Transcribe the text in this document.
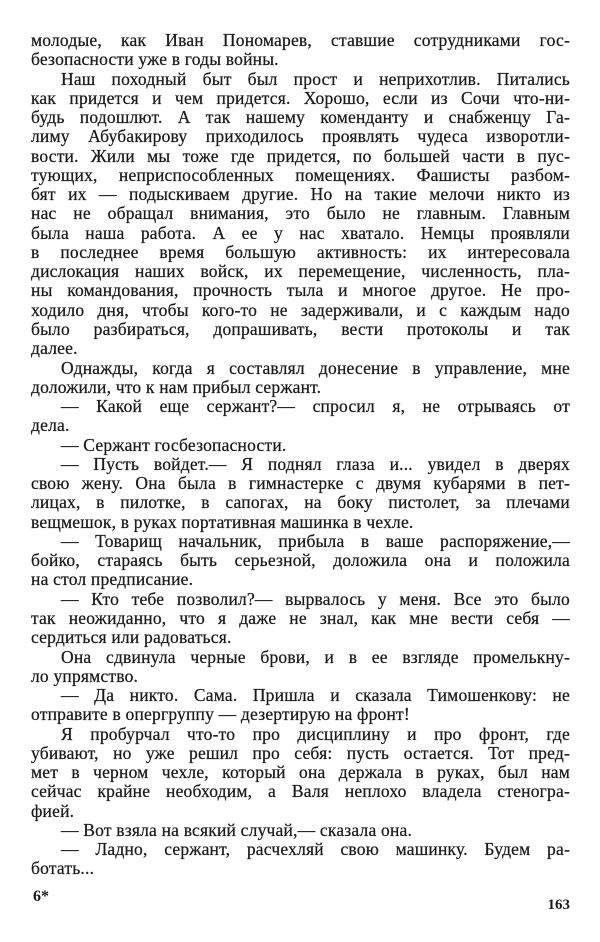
молодые, как Иван Пономарев, ставшие сотрудниками гос-
безопасности уже в годы войны.
Наш походный быт был прост и неприхотлив. Питались
как придется и чем придется. Хорошо, если из Сочи что-ни-
будь подошлют. А так нашему коменданту и снабженцу Га-
лиму Абубакирову приходилось проявлять чудеса изворотли-
вости. Жили мы тоже где придется, по большей части в пус-
тующих, неприспособленных помещениях. Фашисты разбом-
бят их — подыскиваем другие. Но на такие мелочи никто из
нас не обращал внимания, это было не главным. Главным
была наша работа. А ее у нас хватало. Немцы проявляли
в последнее время большую активность: их интересовала
дислокация наших войск, их перемещение, численность, пла-
ны командования, прочность тыла и многое другое. Не про-
ходило дня, чтобы кого-то не задерживали, и с каждым надо
было разбираться, допрашивать, вести протоколы и так
далее.
Однажды, когда я составлял донесение в управление, мне
доложили, что к нам прибыл сержант.
— Какой еще сержант?— спросил я, не отрываясь от
дела.
— Сержант госбезопасности.
— Пусть войдет.— Я поднял глаза и... увидел в дверях
свою жену. Она была в гимнастерке с двумя кубарями в пет-
лицах, в пилотке, в сапогах, на боку пистолет, за плечами
вещмешок, в руках портативная машинка в чехле.
— Товарищ начальник, прибыла в ваше распоряжение,—
бойко, стараясь быть серьезной, доложила она и положила
на стол предписание.
— Кто тебе позволил?— вырвалось у меня. Все это было
так неожиданно, что я даже не знал, как мне вести себя —
сердиться или радоваться.
Она сдвинула черные брови, и в ее взгляде промелькну-
ло упрямство.
— Да никто. Сама. Пришла и сказала Тимошенкову: не
отправите в опергруппу — дезертирую на фронт!
Я пробурчал что-то про дисциплину и про фронт, где
убивают, но уже решил про себя: пусть остается. Тот пред-
мет в черном чехле, который она держала в руках, был нам
сейчас крайне необходим, а Валя неплохо владела стеногра-
фией.
— Вот взяла на всякий случай,— сказала она.
— Ладно, сержант, расчехляй свою машинку. Будем ра-
ботать...
6*	163
